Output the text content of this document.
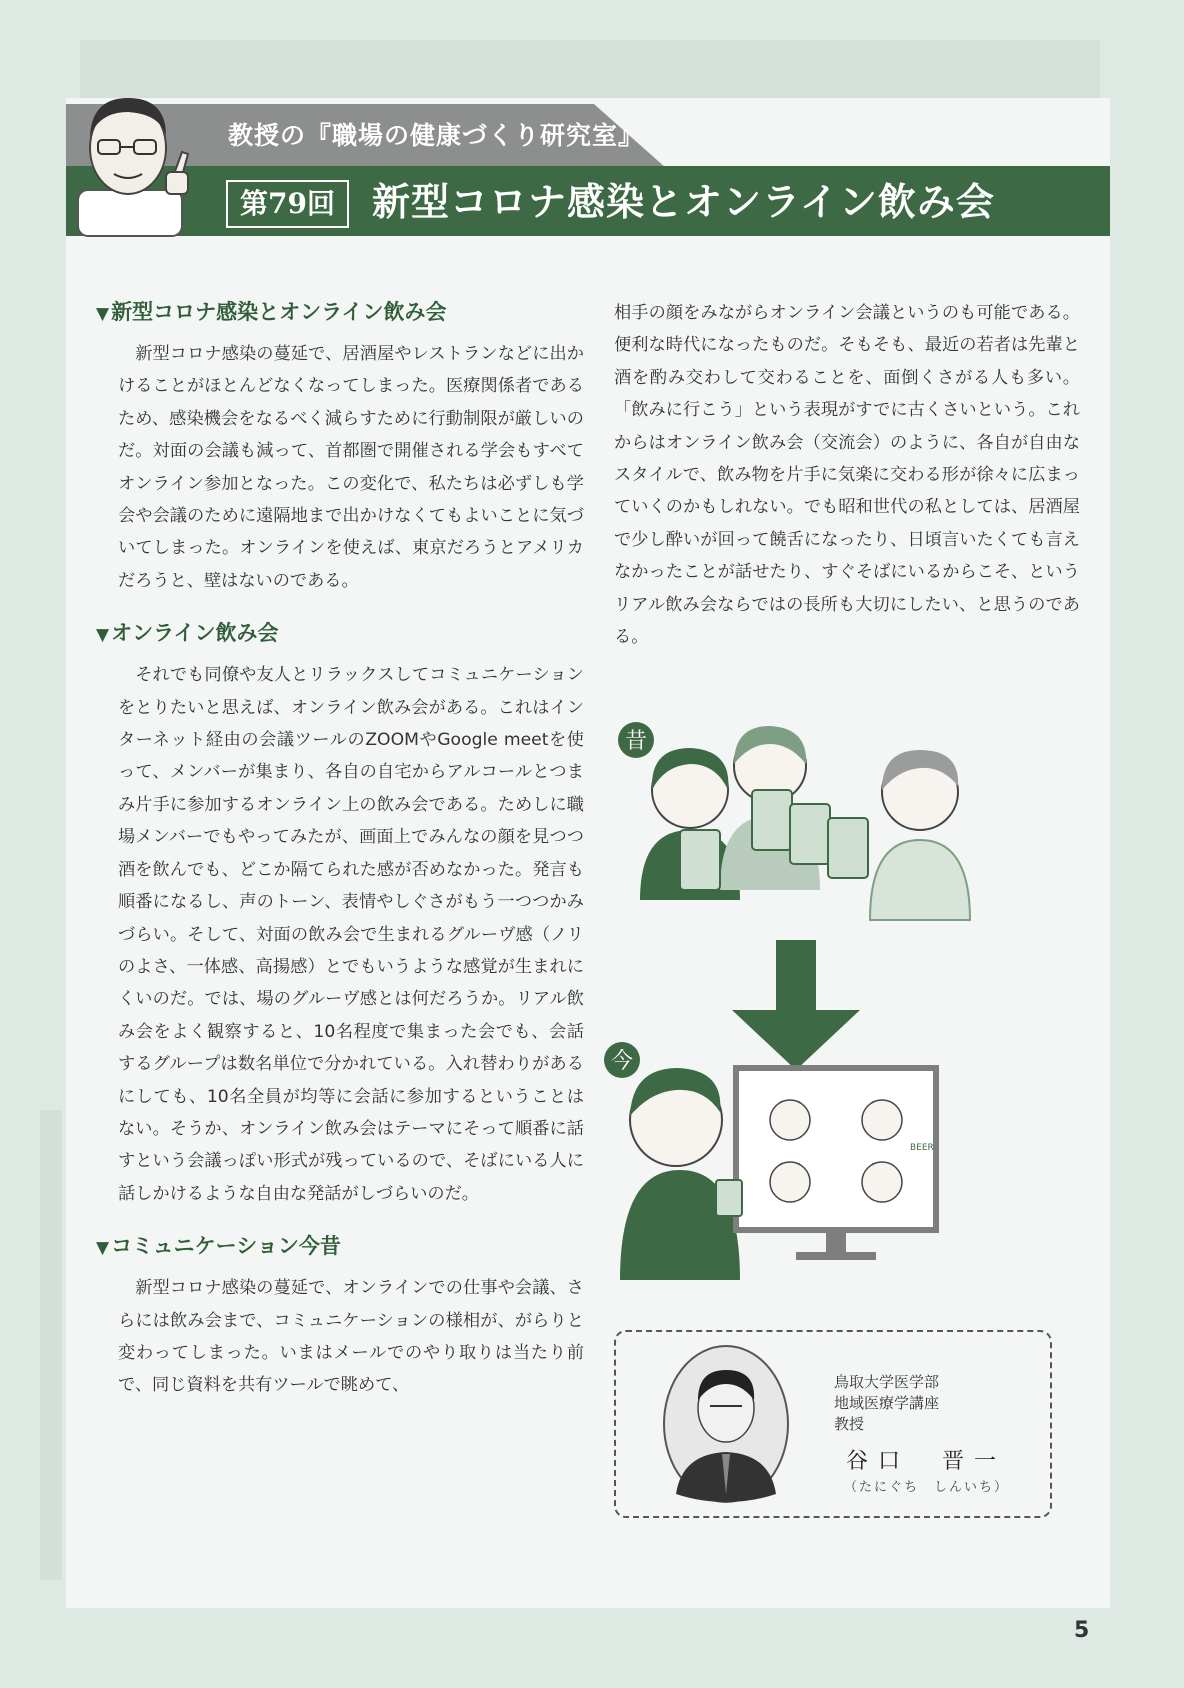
教授の『職場の健康づくり研究室』
第79回 新型コロナ感染とオンライン飲み会
▼新型コロナ感染とオンライン飲み会

新型コロナ感染の蔓延で、居酒屋やレストランなどに出かけることがほとんどなくなってしまった。医療関係者であるため、感染機会をなるべく減らすために行動制限が厳しいのだ。対面の会議も減って、首都圏で開催される学会もすべてオンライン参加となった。この変化で、私たちは必ずしも学会や会議のために遠隔地まで出かけなくてもよいことに気づいてしまった。オンラインを使えば、東京だろうとアメリカだろうと、壁はないのである。

▼オンライン飲み会

それでも同僚や友人とリラックスしてコミュニケーションをとりたいと思えば、オンライン飲み会がある。これはインターネット経由の会議ツールのZOOMやGoogle meetを使って、メンバーが集まり、各自の自宅からアルコールとつまみ片手に参加するオンライン上の飲み会である。ためしに職場メンバーでもやってみたが、画面上でみんなの顔を見つつ酒を飲んでも、どこか隔てられた感が否めなかった。発言も順番になるし、声のトーン、表情やしぐさがもう一つつかみづらい。そして、対面の飲み会で生まれるグルーヴ感（ノリのよさ、一体感、高揚感）とでもいうような感覚が生まれにくいのだ。では、場のグルーヴ感とは何だろうか。リアル飲み会をよく観察すると、10名程度で集まった会でも、会話するグループは数名単位で分かれている。入れ替わりがあるにしても、10名全員が均等に会話に参加するということはない。そうか、オンライン飲み会はテーマにそって順番に話すという会議っぽい形式が残っているので、そばにいる人に話しかけるような自由な発話がしづらいのだ。

▼コミュニケーション今昔

新型コロナ感染の蔓延で、オンラインでの仕事や会議、さらには飲み会まで、コミュニケーションの様相が、がらりと変わってしまった。いまはメールでのやり取りは当たり前で、同じ資料を共有ツールで眺めて、

相手の顔をみながらオンライン会議というのも可能である。便利な時代になったものだ。そもそも、最近の若者は先輩と酒を酌み交わして交わることを、面倒くさがる人も多い。「飲みに行こう」という表現がすでに古くさいという。これからはオンライン飲み会（交流会）のように、各自が自由なスタイルで、飲み物を片手に気楽に交わる形が徐々に広まっていくのかもしれない。でも昭和世代の私としては、居酒屋で少し酔いが回って饒舌になったり、日頃言いたくても言えなかったことが話せたり、すぐそばにいるからこそ、というリアル飲み会ならではの長所も大切にしたい、と思うのである。

昔
今
BEER
鳥取大学医学部
地域医療学講座
教授
谷口　晋一
（たにぐち　しんいち）
5
